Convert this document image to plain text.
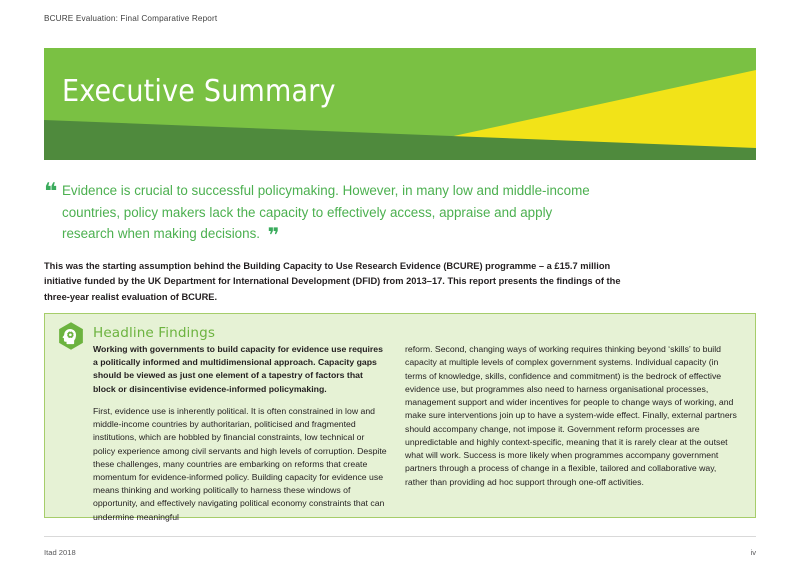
BCURE Evaluation: Final Comparative Report
Executive Summary
❝ Evidence is crucial to successful policymaking. However, in many low and middle-income countries, policy makers lack the capacity to effectively access, appraise and apply research when making decisions. ❞
This was the starting assumption behind the Building Capacity to Use Research Evidence (BCURE) programme – a £15.7 million initiative funded by the UK Department for International Development (DFID) from 2013–17. This report presents the findings of the three-year realist evaluation of BCURE.
Headline Findings
Working with governments to build capacity for evidence use requires a politically informed and multidimensional approach. Capacity gaps should be viewed as just one element of a tapestry of factors that block or disincentivise evidence-informed policymaking.
First, evidence use is inherently political. It is often constrained in low and middle-income countries by authoritarian, politicised and fragmented institutions, which are hobbled by financial constraints, low technical or policy experience among civil servants and high levels of corruption. Despite these challenges, many countries are embarking on reforms that create momentum for evidence-informed policy. Building capacity for evidence use means thinking and working politically to harness these windows of opportunity, and effectively navigating political economy constraints that can undermine meaningful
reform. Second, changing ways of working requires thinking beyond ‘skills’ to build capacity at multiple levels of complex government systems. Individual capacity (in terms of knowledge, skills, confidence and commitment) is the bedrock of effective evidence use, but programmes also need to harness organisational processes, management support and wider incentives for people to change ways of working, and make sure interventions join up to have a system-wide effect. Finally, external partners should accompany change, not impose it. Government reform processes are unpredictable and highly context-specific, meaning that it is rarely clear at the outset what will work. Success is more likely when programmes accompany government partners through a process of change in a flexible, tailored and collaborative way, rather than providing ad hoc support through one-off activities.
Itad 2018	iv
